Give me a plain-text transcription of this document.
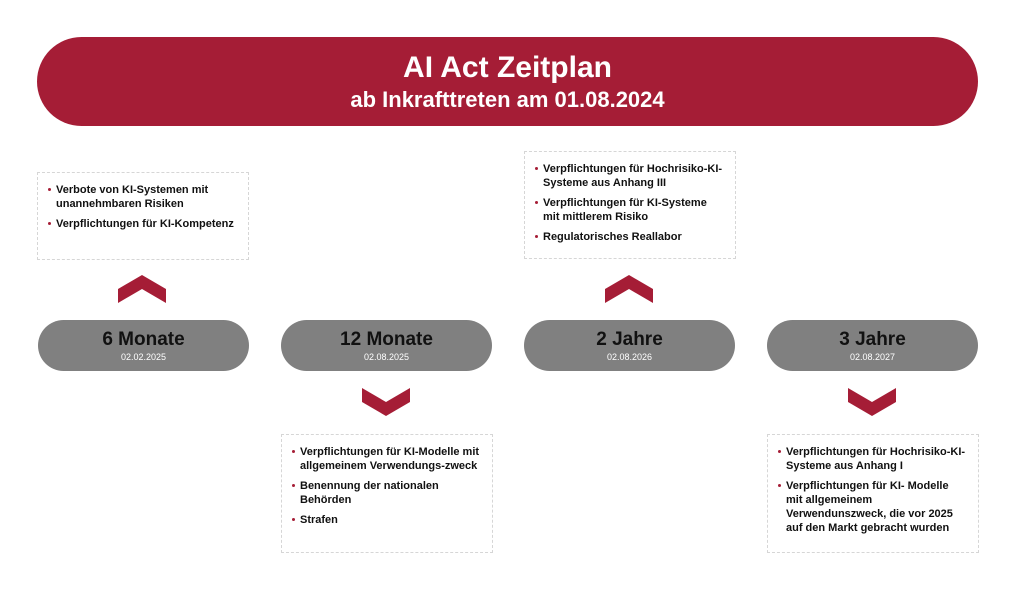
AI Act Zeitplan
ab Inkrafttreten am 01.08.2024
Verbote von KI-Systemen mit unannehmbaren Risiken
Verpflichtungen für KI-Kompetenz
6 Monate
02.02.2025
12 Monate
02.08.2025
Verpflichtungen für KI-Modelle mit allgemeinem Verwendungs-zweck
Benennung der nationalen Behörden
Strafen
Verpflichtungen für Hochrisiko-KI-Systeme aus Anhang III
Verpflichtungen für KI-Systeme mit mittlerem Risiko
Regulatorisches Reallabor
2 Jahre
02.08.2026
3 Jahre
02.08.2027
Verpflichtungen für Hochrisiko-KI- Systeme aus Anhang I
Verpflichtungen für KI- Modelle mit allgemeinem Verwendunszweck, die vor 2025 auf den Markt gebracht wurden
